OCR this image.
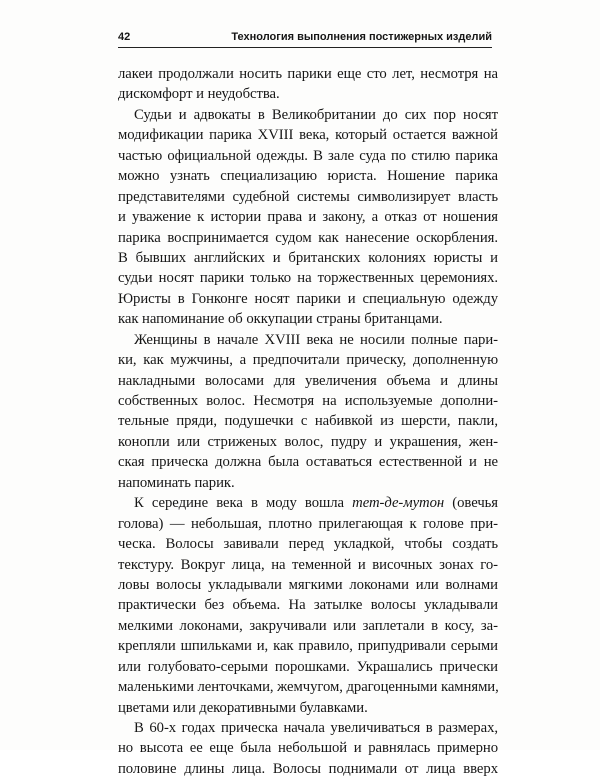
42	Технология выполнения постижерных изделий
лакеи продолжали носить парики еще сто лет, несмотря на
дискомфорт и неудобства.
Судьи и адвокаты в Великобритании до сих пор носят
модификации парика XVIII века, который остается важной
частью официальной одежды. В зале суда по стилю парика
можно узнать специализацию юриста. Ношение парика
представителями судебной системы символизирует власть
и уважение к истории права и закону, а отказ от ношения
парика воспринимается судом как нанесение оскорбления.
В бывших английских и британских колониях юристы и
судьи носят парики только на торжественных церемониях.
Юристы в Гонконге носят парики и специальную одежду
как напоминание об оккупации страны британцами.
Женщины в начале XVIII века не носили полные пари-
ки, как мужчины, а предпочитали прическу, дополненную
накладными волосами для увеличения объема и длины
собственных волос. Несмотря на используемые дополни-
тельные пряди, подушечки с набивкой из шерсти, пакли,
конопли или стриженых волос, пудру и украшения, жен-
ская прическа должна была оставаться естественной и не
напоминать парик.
К середине века в моду вошла тет-де-мутон (овечья
голова) — небольшая, плотно прилегающая к голове при-
ческа. Волосы завивали перед укладкой, чтобы создать
текстуру. Вокруг лица, на теменной и височных зонах го-
ловы волосы укладывали мягкими локонами или волнами
практически без объема. На затылке волосы укладывали
мелкими локонами, закручивали или заплетали в косу, за-
крепляли шпильками и, как правило, припудривали серыми
или голубовато-серыми порошками. Украшались прически
маленькими ленточками, жемчугом, драгоценными камнями,
цветами или декоративными булавками.
В 60-х годах прическа начала увеличиваться в размерах,
но высота ее еще была небольшой и равнялась примерно
половине длины лица. Волосы поднимали от лица вверх
